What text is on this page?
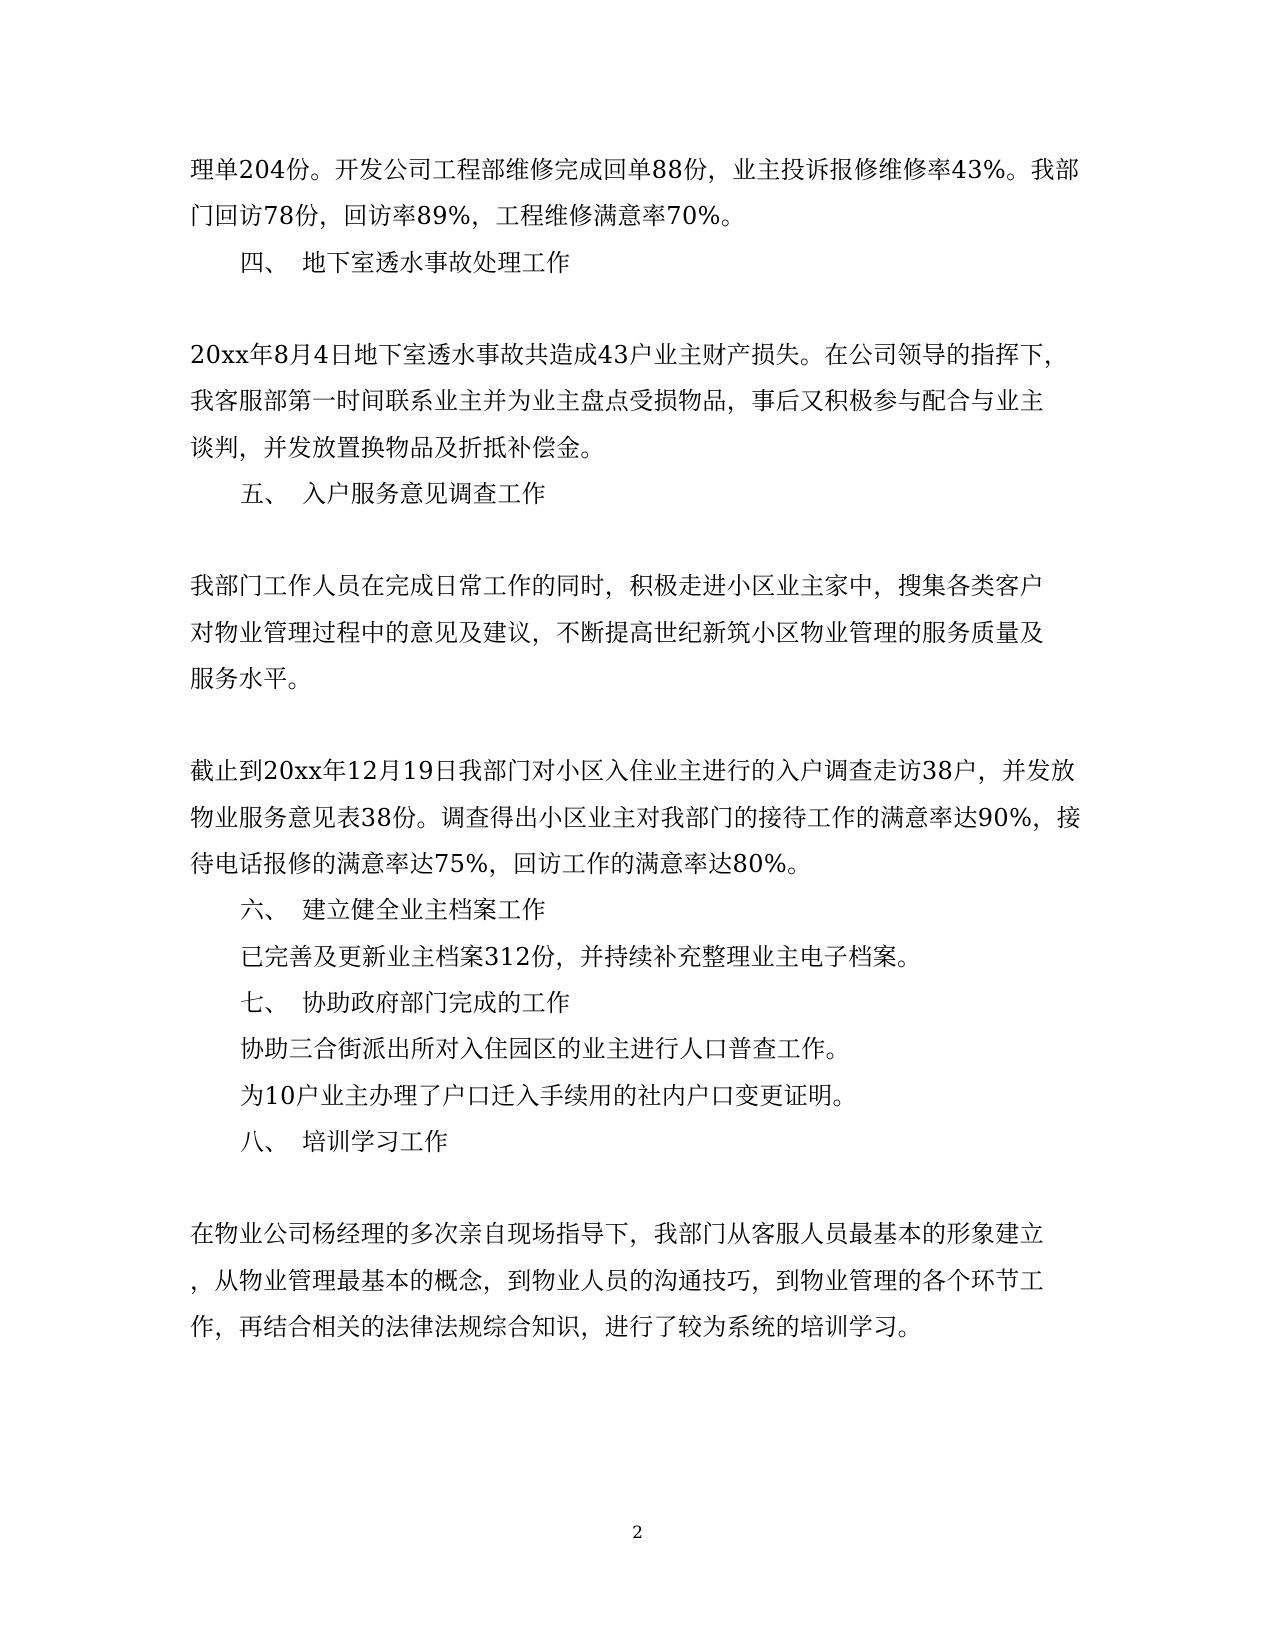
理单204份。开发公司工程部维修完成回单88份，业主投诉报修维修率43%。我部
门回访78份，回访率89%，工程维修满意率70%。
四、 地下室透水事故处理工作
20xx年8月4日地下室透水事故共造成43户业主财产损失。在公司领导的指挥下，
我客服部第一时间联系业主并为业主盘点受损物品，事后又积极参与配合与业主
谈判，并发放置换物品及折抵补偿金。
五、 入户服务意见调查工作
我部门工作人员在完成日常工作的同时，积极走进小区业主家中，搜集各类客户
对物业管理过程中的意见及建议，不断提高世纪新筑小区物业管理的服务质量及
服务水平。
截止到20xx年12月19日我部门对小区入住业主进行的入户调查走访38户，并发放
物业服务意见表38份。调查得出小区业主对我部门的接待工作的满意率达90%，接
待电话报修的满意率达75%，回访工作的满意率达80%。
六、 建立健全业主档案工作
已完善及更新业主档案312份，并持续补充整理业主电子档案。
七、 协助政府部门完成的工作
协助三合街派出所对入住园区的业主进行人口普查工作。
为10户业主办理了户口迁入手续用的社内户口变更证明。
八、 培训学习工作
在物业公司杨经理的多次亲自现场指导下，我部门从客服人员最基本的形象建立
，从物业管理最基本的概念，到物业人员的沟通技巧，到物业管理的各个环节工
作，再结合相关的法律法规综合知识，进行了较为系统的培训学习。
2
